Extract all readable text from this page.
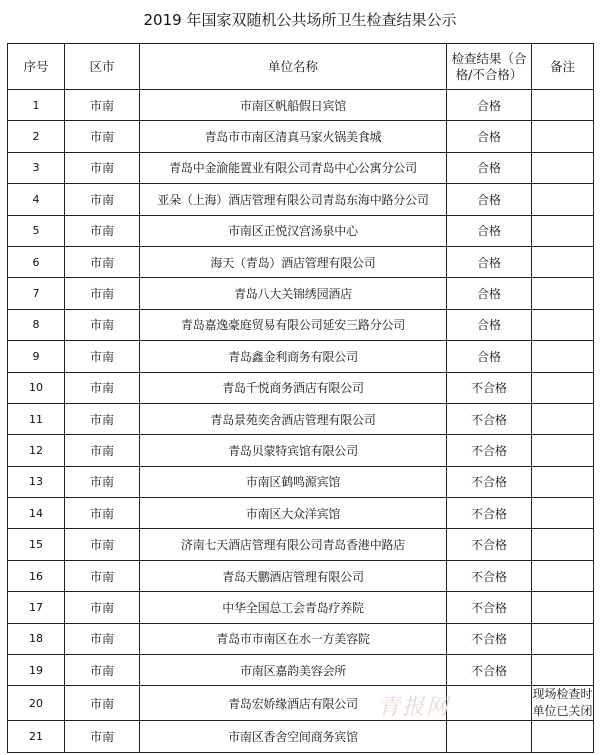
2019 年国家双随机公共场所卫生检查结果公示
序号	区市	单位名称	检查结果（合格/不合格）	备注
1	市南	市南区帆船假日宾馆	合格	
2	市南	青岛市市南区清真马家火锅美食城	合格	
3	市南	青岛中金渝能置业有限公司青岛中心公寓分公司	合格	
4	市南	亚朵（上海）酒店管理有限公司青岛东海中路分公司	合格	
5	市南	市南区正悦汉宫汤泉中心	合格	
6	市南	海天（青岛）酒店管理有限公司	合格	
7	市南	青岛八大关锦绣园酒店	合格	
8	市南	青岛嘉逸豪庭贸易有限公司延安三路分公司	合格	
9	市南	青岛鑫金利商务有限公司	合格	
10	市南	青岛千悦商务酒店有限公司	不合格	
11	市南	青岛景苑奕舍酒店管理有限公司	不合格	
12	市南	青岛贝蒙特宾馆有限公司	不合格	
13	市南	市南区鹤鸣源宾馆	不合格	
14	市南	市南区大众洋宾馆	不合格	
15	市南	济南七天酒店管理有限公司青岛香港中路店	不合格	
16	市南	青岛天鹏酒店管理有限公司	不合格	
17	市南	中华全国总工会青岛疗养院	不合格	
18	市南	青岛市市南区在水一方美容院	不合格	
19	市南	市南区嘉韵美容会所	不合格	
20	市南	青岛宏娇缘酒店有限公司		现场检查时单位已关闭
21	市南	市南区香舍空间商务宾馆		
青报网
